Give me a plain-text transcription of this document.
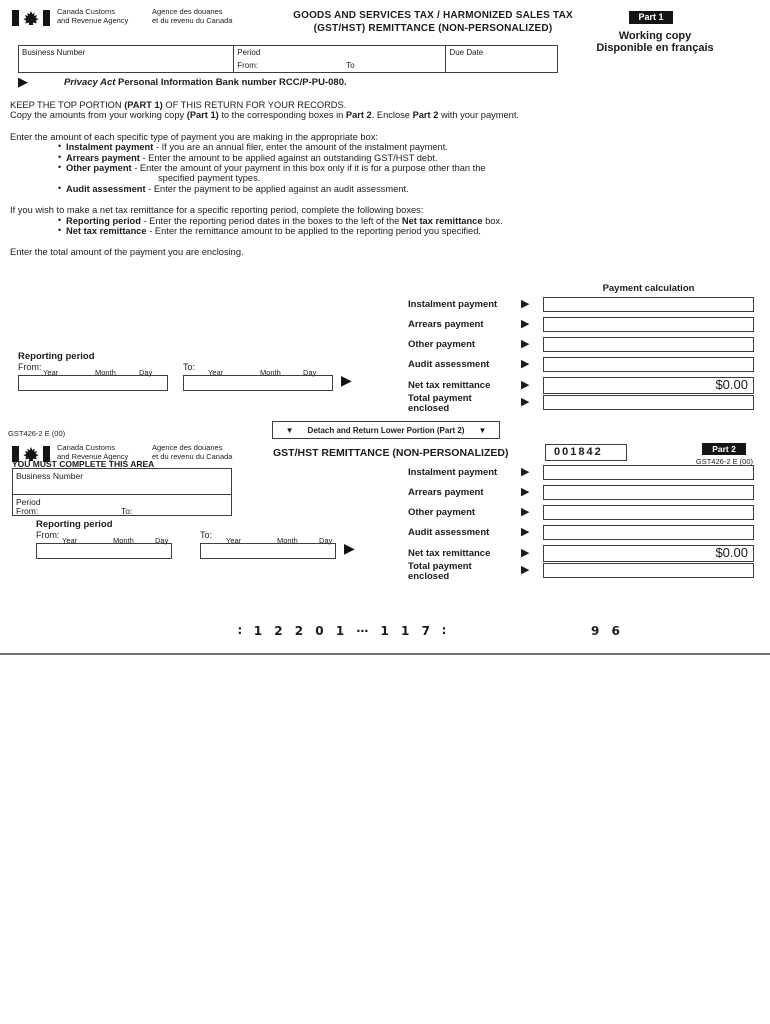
Canada Customs
and Revenue Agency
Agence des douanes
et du revenu du Canada	GOODS AND SERVICES TAX / HARMONIZED SALES TAX
(GST/HST) REMITTANCE (NON-PERSONALIZED)
Part 1
Working copy
Disponible en français
Business Number	Period
From:	To
Due Date
▶	Privacy Act Personal Information Bank number RCC/P-PU-080.
KEEP THE TOP PORTION (PART 1) OF THIS RETURN FOR YOUR RECORDS.
Copy the amounts from your working copy (Part 1) to the corresponding boxes in Part 2. Enclose Part 2 with your payment.
Enter the amount of each specific type of payment you are making in the appropriate box:
• Instalment payment - If you are an annual filer, enter the amount of the instalment payment.
• Arrears payment - Enter the amount to be applied against an outstanding GST/HST debt.
• Other payment - Enter the amount of your payment in this box only if it is for a purpose other than the
specified payment types.
• Audit assessment - Enter the payment to be applied against an audit assessment.
If you wish to make a net tax remittance for a specific reporting period, complete the following boxes:
• Reporting period - Enter the reporting period dates in the boxes to the left of the Net tax remittance box.
• Net tax remittance - Enter the remittance amount to be applied to the reporting period you specified.
Enter the total amount of the payment you are enclosing.
Payment calculation
Instalment payment	▶
Arrears payment	▶
Other payment	▶
Audit assessment	▶
Net tax remittance	▶	$0.00
Total payment enclosed	▶
Reporting period
From:
Year	Month	Day
To:
Year	Month	Day ▶
GST426-2 E (00)	▼ Detach and Return Lower Portion (Part 2) ▼
Canada Customs
and Revenue Agency
Agence des douanes
et du revenu du Canada	GST/HST REMITTANCE (NON-PERSONALIZED)	001842	Part 2
GST426-2 E (00)
YOU MUST COMPLETE THIS AREA
Business Number
Period
From:	To:
Instalment payment	▶
Arrears payment	▶
Other payment	▶
Audit assessment	▶
Net tax remittance	▶	$0.00
Total payment enclosed	▶
Reporting period
From:
Year	Month	Day
To:
Year	Month	Day ▶
∶ 1 2 2 0 1 ⋯ 1 1 7 ∶	9 6
